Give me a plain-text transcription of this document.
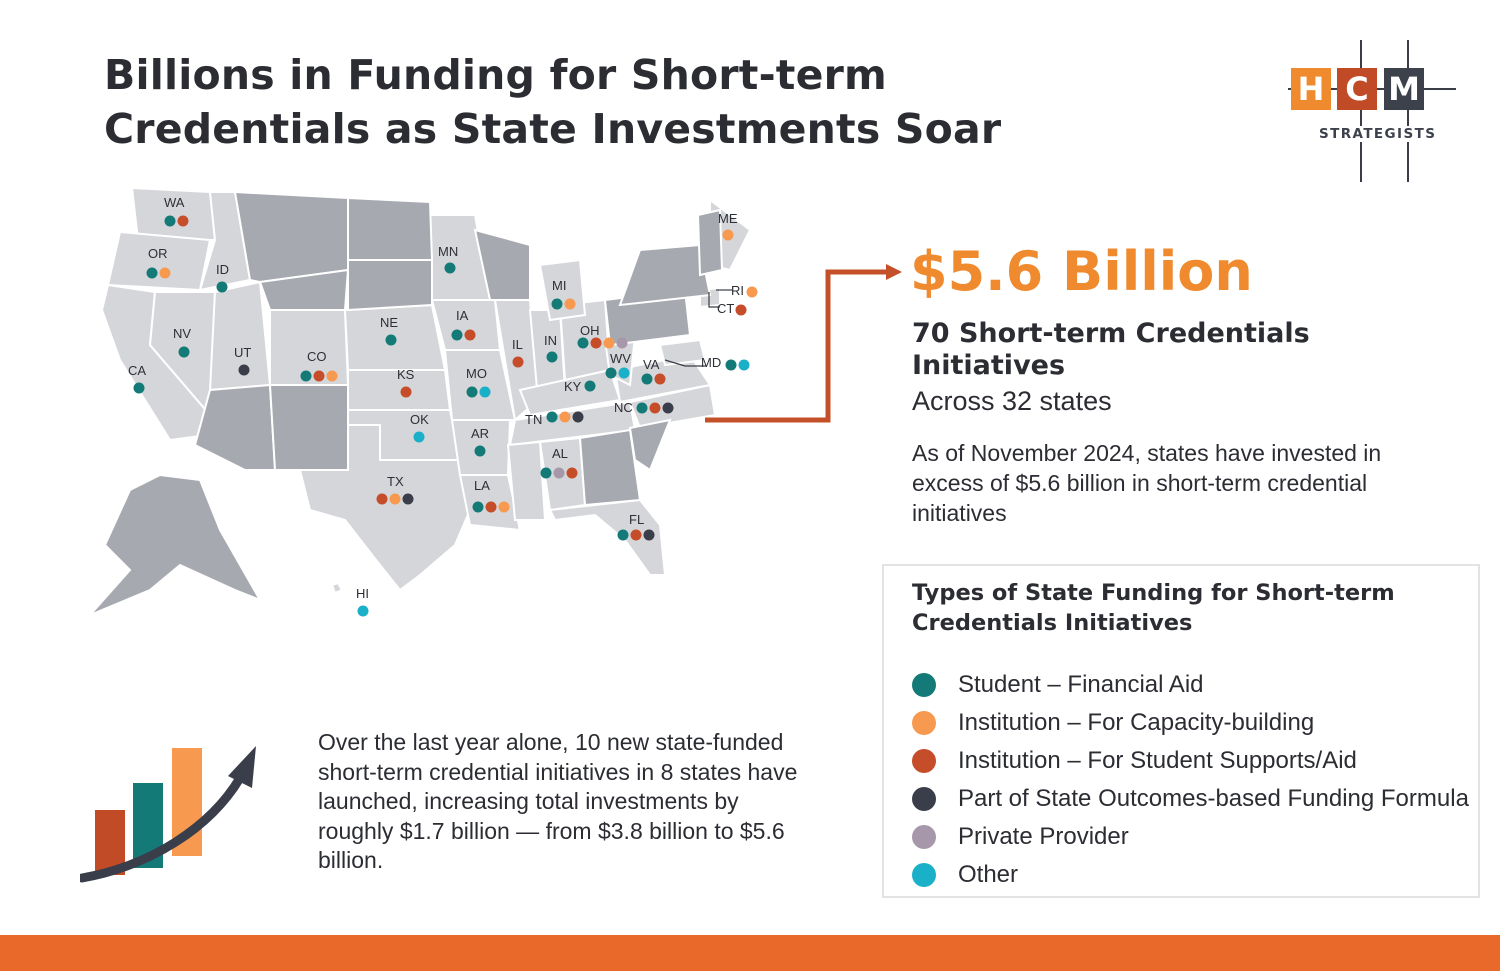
Billions in Funding for Short-term
Credentials as State Investments Soar
H C M
STRATEGISTS
WA
OR
ID
NV
CA
UT	CO
MN
NE
KS
OK
TX
IA
MO
AR
LA
IL
MI
IN
OH
KY
TN
AL
WV VA
NC
FL
ME
RI
CT
MD
HI
$5.6 Billion
70 Short-term Credentials Initiatives
Across 32 states
As of November 2024, states have invested in excess of $5.6 billion in short-term credential initiatives
Types of State Funding for Short-term Credentials Initiatives
Student – Financial Aid
Institution – For Capacity-building
Institution – For Student Supports/Aid
Part of State Outcomes-based Funding Formula
Private Provider
Other
Over the last year alone, 10 new state-funded short-term credential initiatives in 8 states have launched, increasing total investments by roughly $1.7 billion — from $3.8 billion to $5.6 billion.
